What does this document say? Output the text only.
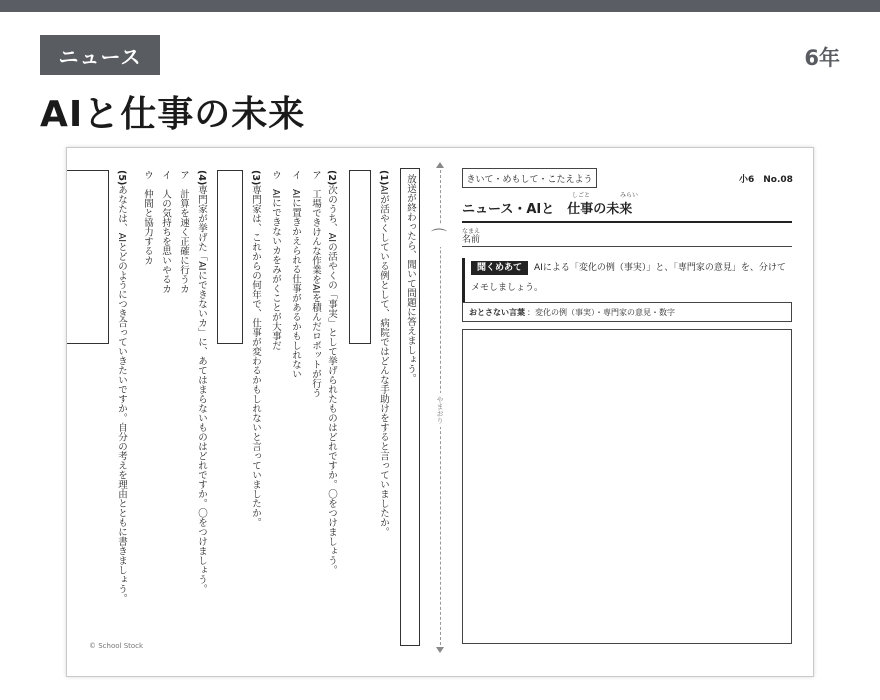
ニュース	6年
AIと仕事の未来
きいて・めもして・こたえよう	小6　No.08
ニュース・AIと　仕事の未来
しごと	みらい
なまえ
名前
聞くめあて AIによる「変化の例（事実）」と、「専門家の意見」を、分けて
メモしましょう。
おとさない言葉 ：変化の例（事実）・専門家の意見・数字
⌒
やまおり
放送が終わったら、聞いて問題に答えましょう。
(1)AIが活やくしている例として、病院ではどんな手助けをすると言っていましたか。
(2)次のうち、AIの活やくの「事実」として挙げられたものはどれですか。〇をつけましょう。
ア　工場できけんな作業をAIを積んだロボットが行う
イ　AIに置きかえられる仕事があるかもしれない
ウ　AIにできないカをみがくことが大事だ
(3)専門家は、これからの何年で、仕事が変わるかもしれないと言っていましたか。
(4)専門家が挙げた「AIにできないカ」に、あてはまらないものはどれですか。〇をつけましょう。
ア　計算を速く正確に行うカ
イ　人の気持ちを思いやるカ
ウ　仲間と協力するカ
(5)あなたは、AIとどのようにつき合っていきたいですか。自分の考えを理由とともに書きましょう。
© School Stock
